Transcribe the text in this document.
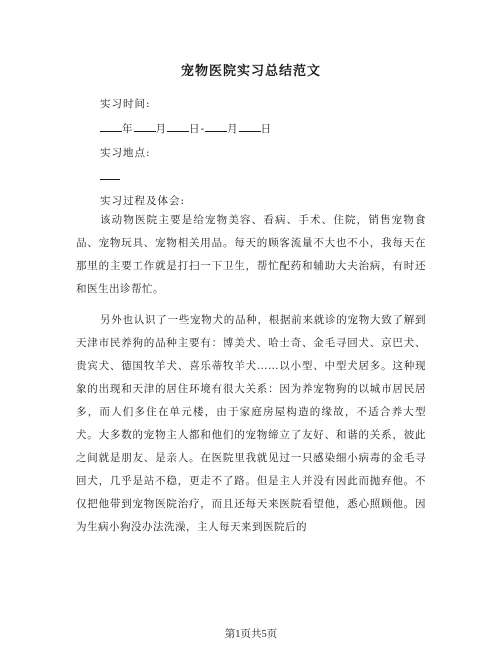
宠物医院实习总结范文
实习时间:
年 月 日- 月 日
实习地点:
实习过程及体会:

该动物医院主要是给宠物美容、看病、手术、住院，销售宠物食品、宠物玩具、宠物相关用品。每天的顾客流量不大也不小，我每天在那里的主要工作就是打扫一下卫生，帮忙配药和辅助大夫治病，有时还和医生出诊帮忙。

另外也认识了一些宠物犬的品种，根据前来就诊的宠物大致了解到天津市民养狗的品种主要有：博美犬、哈士奇、金毛寻回犬、京巴犬、贵宾犬、德国牧羊犬、喜乐蒂牧羊犬……以小型、中型犬居多。这种现象的出现和天津的居住环境有很大关系：因为养宠物狗的以城市居民居多，而人们多住在单元楼，由于家庭房屋构造的缘故，不适合养大型犬。大多数的宠物主人都和他们的宠物缔立了友好、和谐的关系，彼此之间就是朋友、是亲人。在医院里我就见过一只感染细小病毒的金毛寻回犬，几乎是站不稳，更走不了路。但是主人并没有因此而抛弃他。不仅把他带到宠物医院治疗，而且还每天来医院看望他，悉心照顾他。因为生病小狗没办法洗澡，主人每天来到医院后的

第1页共5页
